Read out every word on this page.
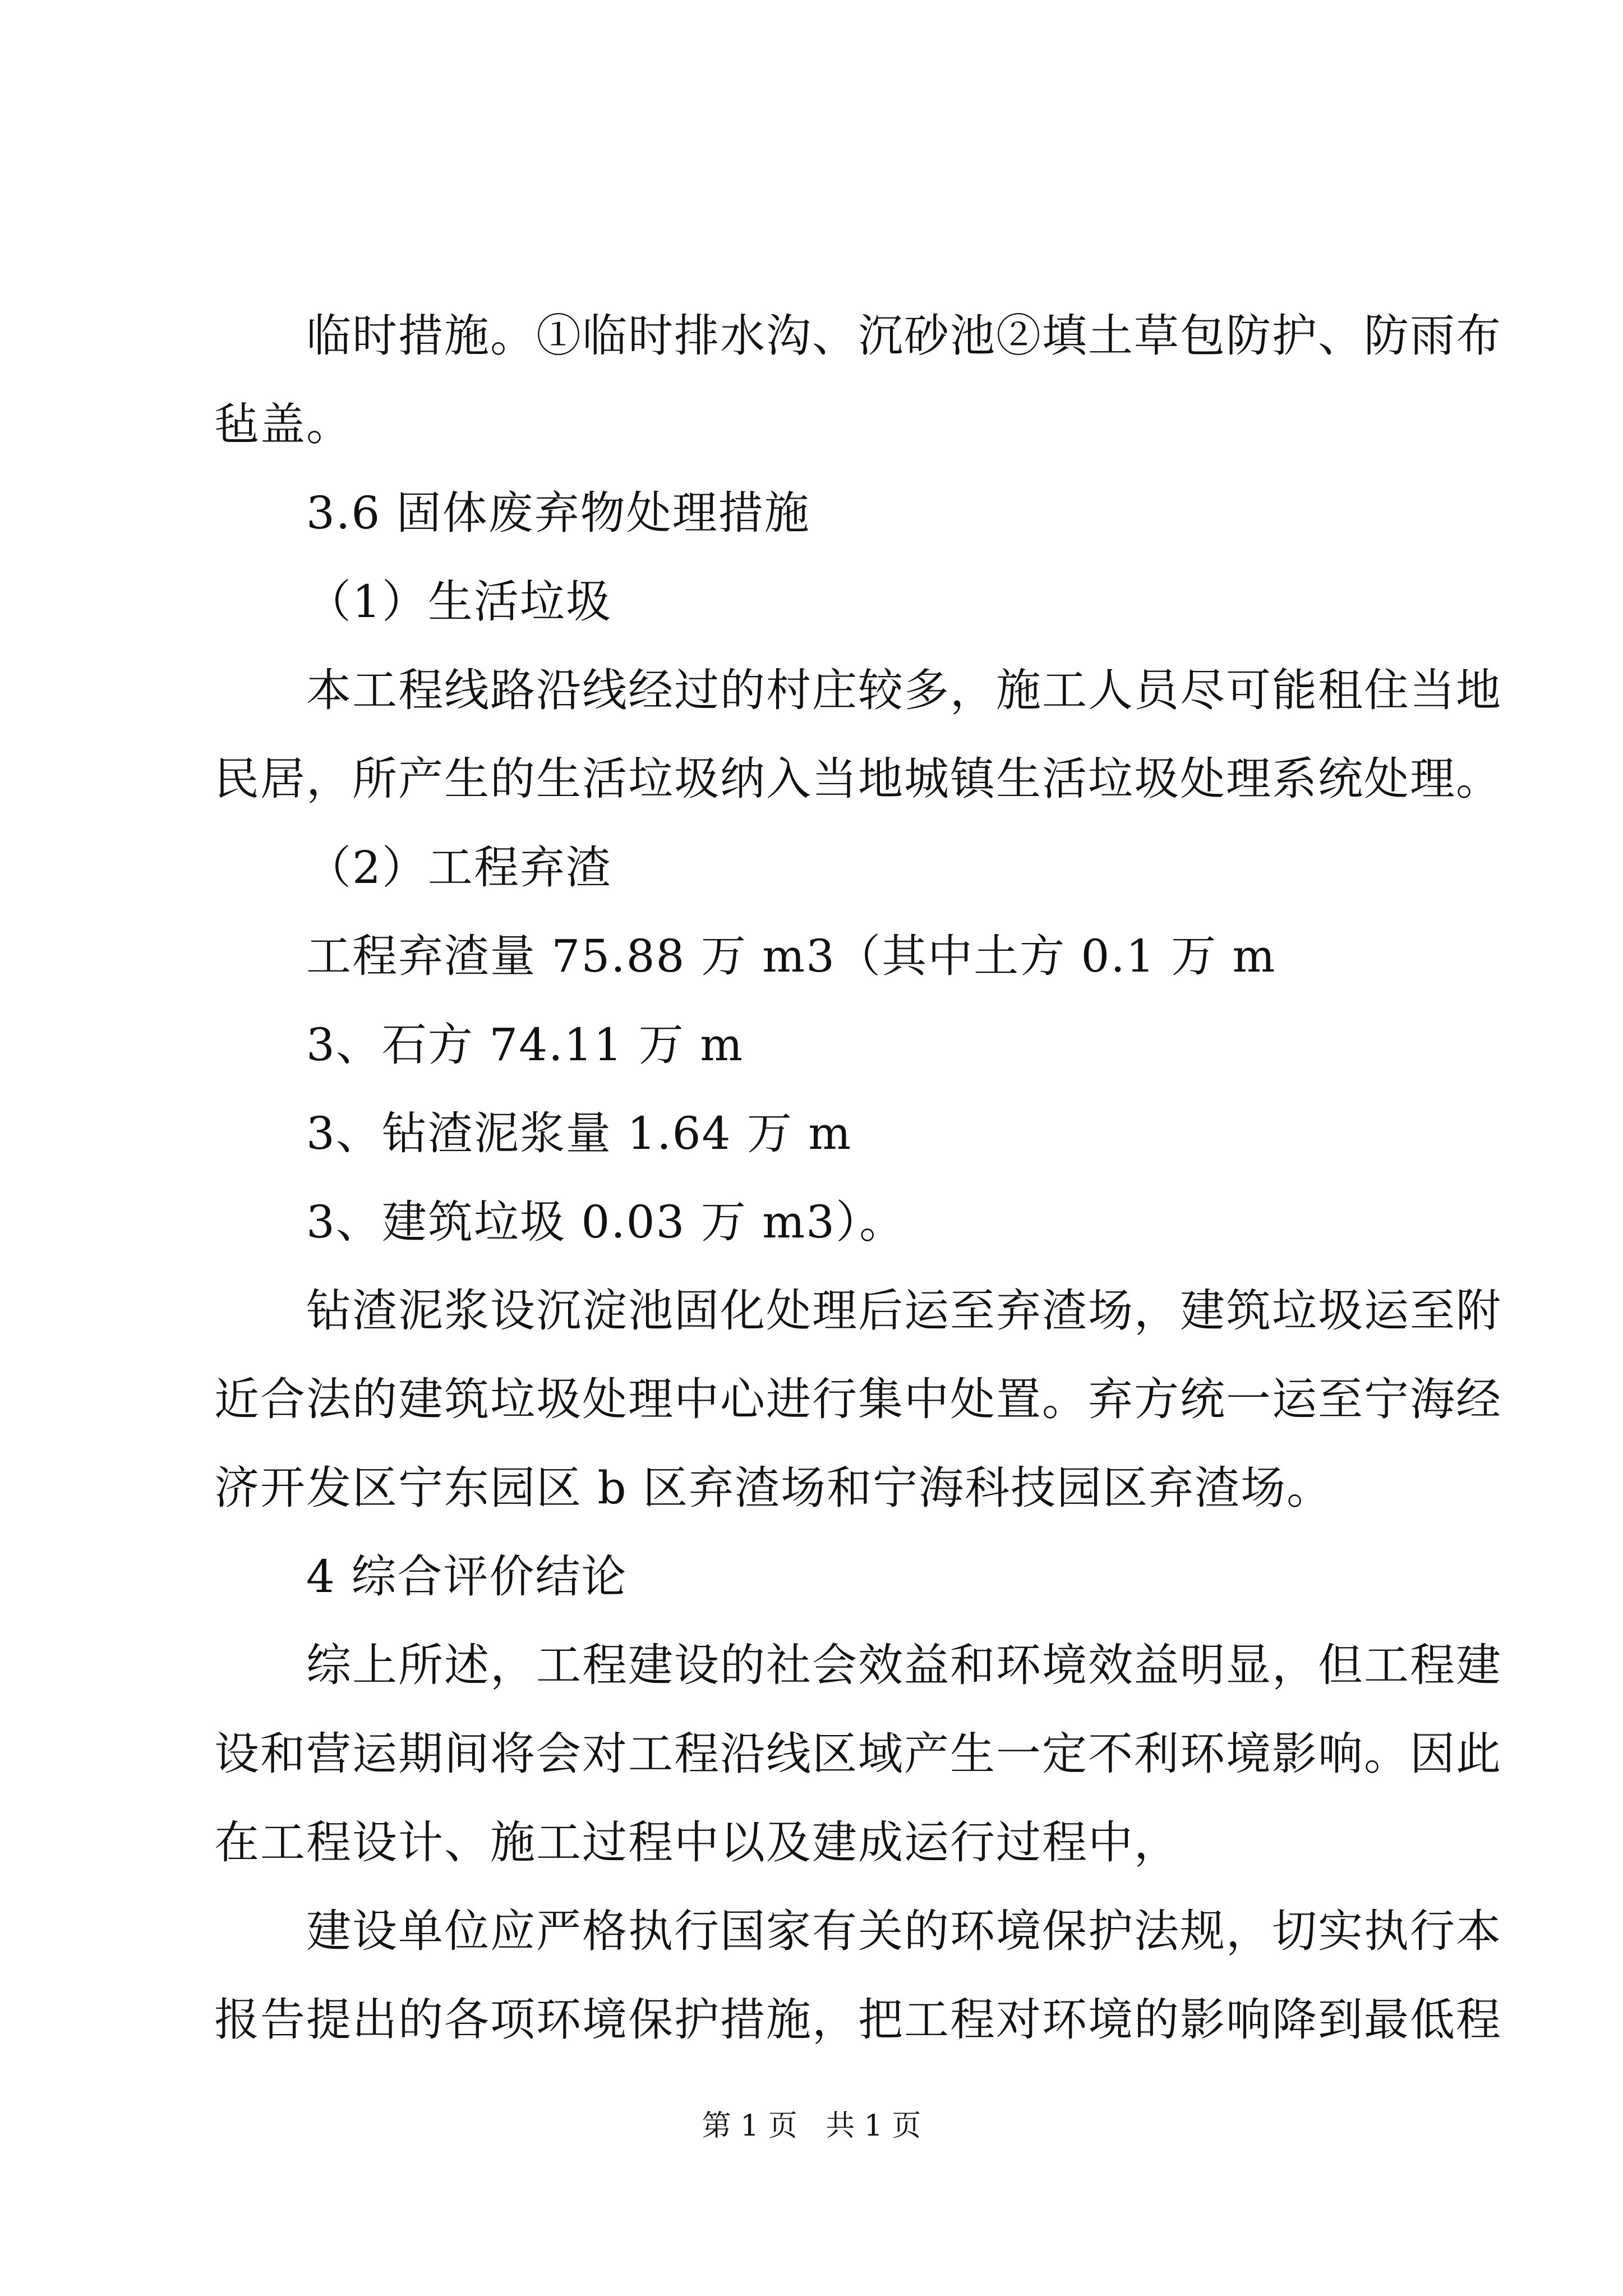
临时措施。①临时排水沟、沉砂池②填土草包防护、防雨布
毡盖。
3.6 固体废弃物处理措施
（1）生活垃圾
本工程线路沿线经过的村庄较多，施工人员尽可能租住当地
民居，所产生的生活垃圾纳入当地城镇生活垃圾处理系统处理。
（2）工程弃渣
工程弃渣量 75.88 万 m3（其中土方 0.1 万 m
3、石方 74.11 万 m
3、钻渣泥浆量 1.64 万 m
3、建筑垃圾 0.03 万 m3）。
钻渣泥浆设沉淀池固化处理后运至弃渣场，建筑垃圾运至附
近合法的建筑垃圾处理中心进行集中处置。弃方统一运至宁海经
济开发区宁东园区 b 区弃渣场和宁海科技园区弃渣场。
4 综合评价结论
综上所述，工程建设的社会效益和环境效益明显，但工程建
设和营运期间将会对工程沿线区域产生一定不利环境影响。因此
在工程设计、施工过程中以及建成运行过程中，
建设单位应严格执行国家有关的环境保护法规，切实执行本
报告提出的各项环境保护措施，把工程对环境的影响降到最低程
第 1 页 共 1 页
